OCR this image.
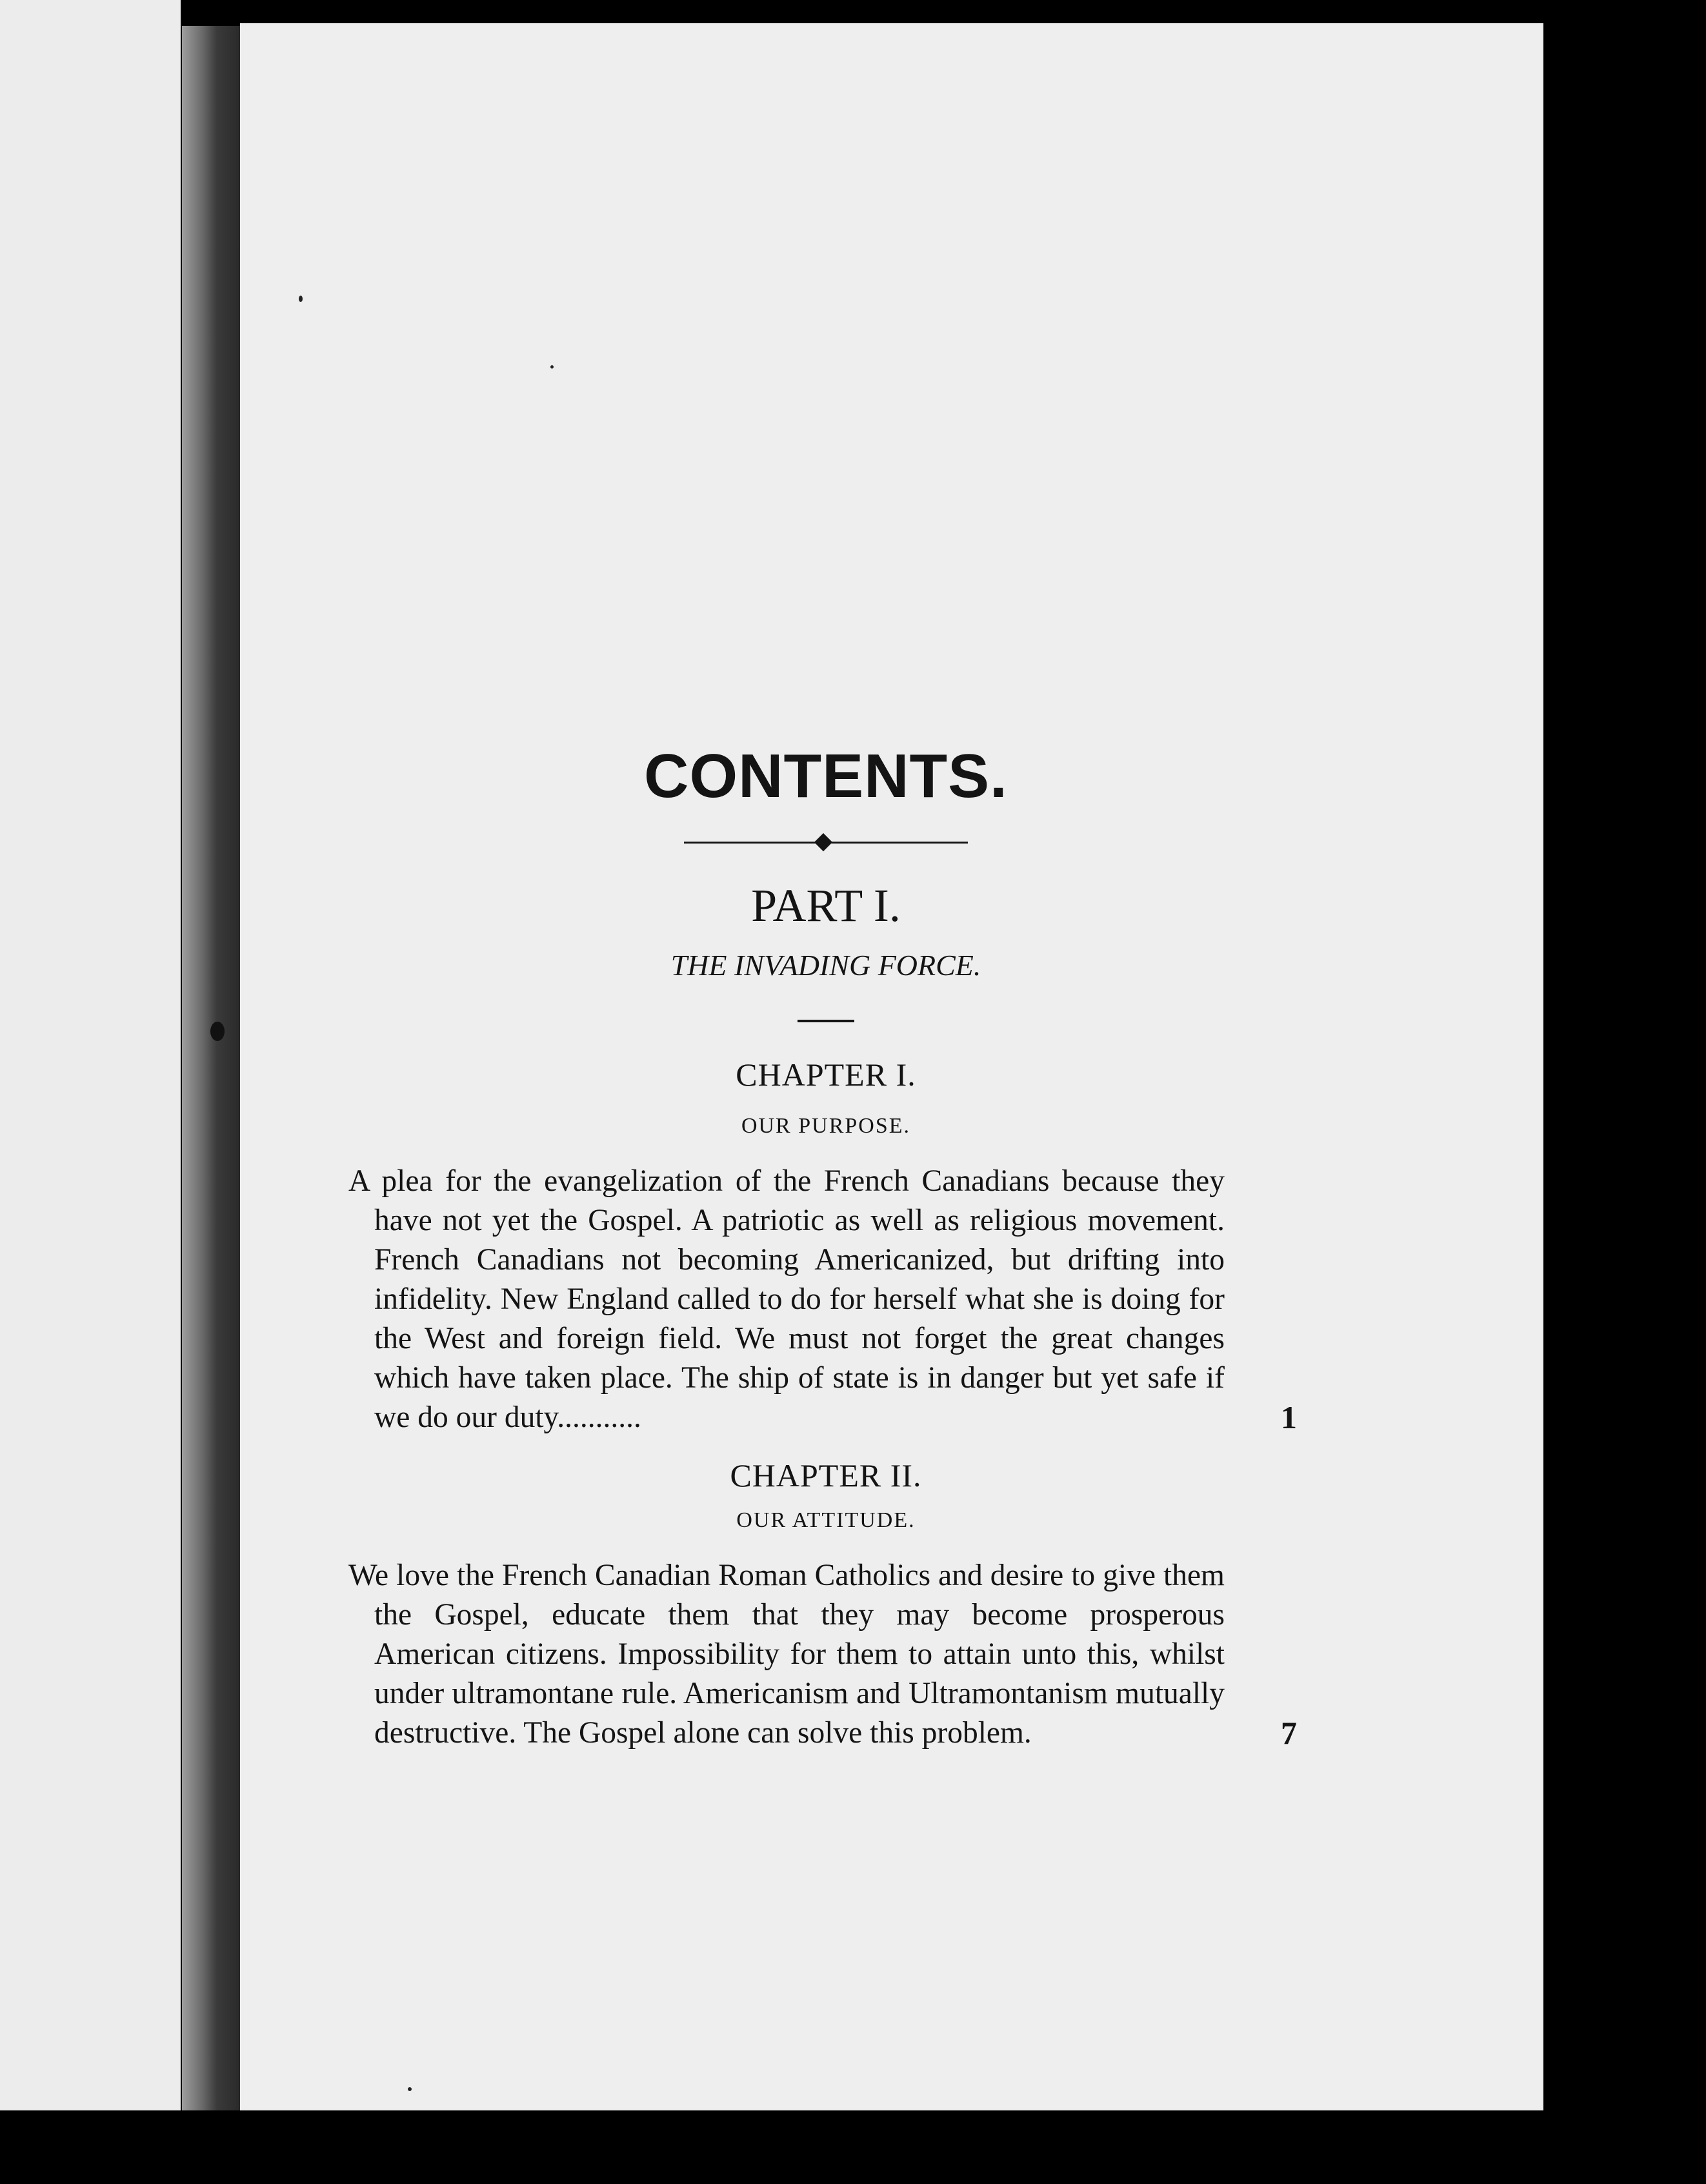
CONTENTS.
PART I.
THE INVADING FORCE.
CHAPTER I.
OUR PURPOSE.

A plea for the evangelization of the French Canadians because they have not yet the Gospel. A patriotic as well as religious movement. French Canadians not becoming Americanized, but drifting into infidelity. New England called to do for herself what she is doing for the West and foreign field. We must not forget the great changes which have taken place. The ship of state is in danger but yet safe if we do our duty...........	1
CHAPTER II.
OUR ATTITUDE.

We love the French Canadian Roman Catholics and desire to give them the Gospel, educate them that they may become prosperous American citizens. Impossibility for them to attain unto this, whilst under ultramontane rule. Americanism and Ultramontanism mutually destructive. The Gospel alone can solve this problem.	7
